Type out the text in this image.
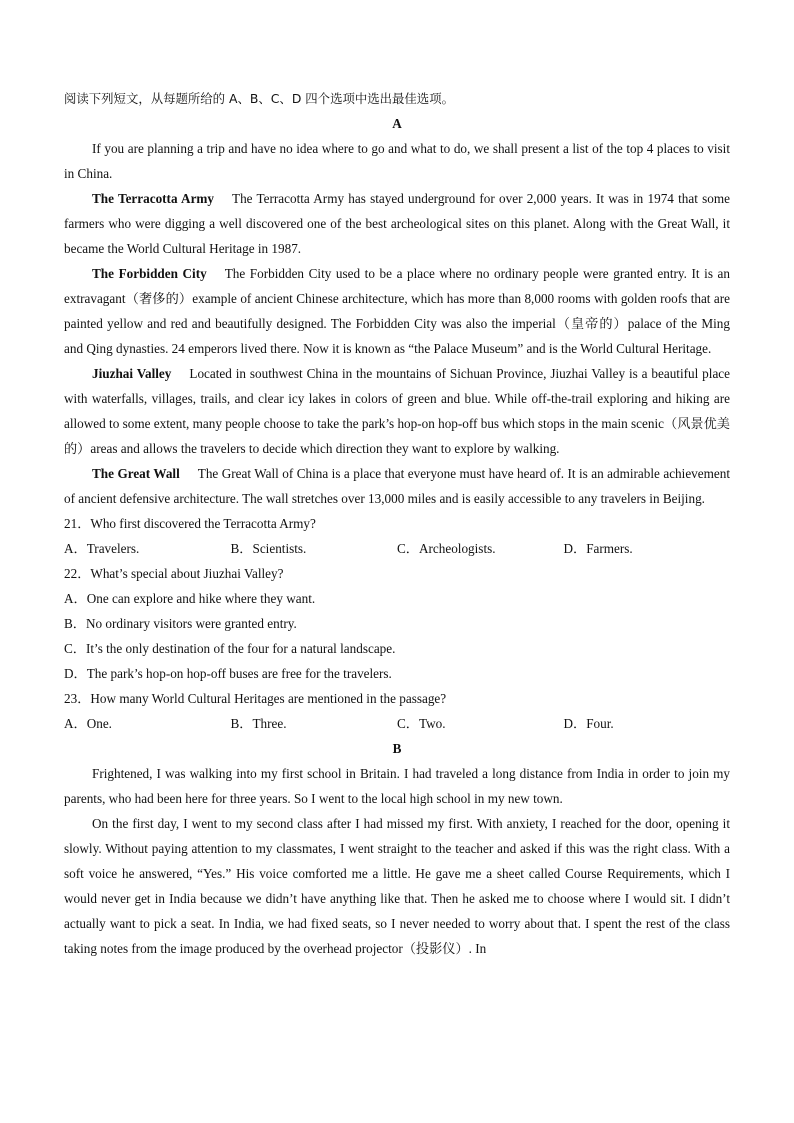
阅读下列短文，从每题所给的 A、B、C、D 四个选项中选出最佳选项。

A

If you are planning a trip and have no idea where to go and what to do, we shall present a list of the top 4 places to visit in China.

The Terracotta Army The Terracotta Army has stayed underground for over 2,000 years. It was in 1974 that some farmers who were digging a well discovered one of the best archeological sites on this planet. Along with the Great Wall, it became the World Cultural Heritage in 1987.

The Forbidden City The Forbidden City used to be a place where no ordinary people were granted entry. It is an extravagant（奢侈的）example of ancient Chinese architecture, which has more than 8,000 rooms with golden roofs that are painted yellow and red and beautifully designed. The Forbidden City was also the imperial（皇帝的）palace of the Ming and Qing dynasties. 24 emperors lived there. Now it is known as “the Palace Museum” and is the World Cultural Heritage.

Jiuzhai Valley Located in southwest China in the mountains of Sichuan Province, Jiuzhai Valley is a beautiful place with waterfalls, villages, trails, and clear icy lakes in colors of green and blue. While off-the-trail exploring and hiking are allowed to some extent, many people choose to take the park’s hop-on hop-off bus which stops in the main scenic（风景优美的）areas and allows the travelers to decide which direction they want to explore by walking.

The Great Wall The Great Wall of China is a place that everyone must have heard of. It is an admirable achievement of ancient defensive architecture. The wall stretches over 13,000 miles and is easily accessible to any travelers in Beijing.

21．Who first discovered the Terracotta Army?

A．Travelers.	B．Scientists.	C．Archeologists.	D．Farmers.

22．What’s special about Jiuzhai Valley?

A．One can explore and hike where they want.

B．No ordinary visitors were granted entry.

C．It’s the only destination of the four for a natural landscape.

D．The park’s hop-on hop-off buses are free for the travelers.

23．How many World Cultural Heritages are mentioned in the passage?

A．One.	B．Three.	C．Two.	D．Four.

B

Frightened, I was walking into my first school in Britain. I had traveled a long distance from India in order to join my parents, who had been here for three years. So I went to the local high school in my new town.

On the first day, I went to my second class after I had missed my first. With anxiety, I reached for the door, opening it slowly. Without paying attention to my classmates, I went straight to the teacher and asked if this was the right class. With a soft voice he answered, “Yes.” His voice comforted me a little. He gave me a sheet called Course Requirements, which I would never get in India because we didn’t have anything like that. Then he asked me to choose where I would sit. I didn’t actually want to pick a seat. In India, we had fixed seats, so I never needed to worry about that. I spent the rest of the class taking notes from the image produced by the overhead projector（投影仪）. In
